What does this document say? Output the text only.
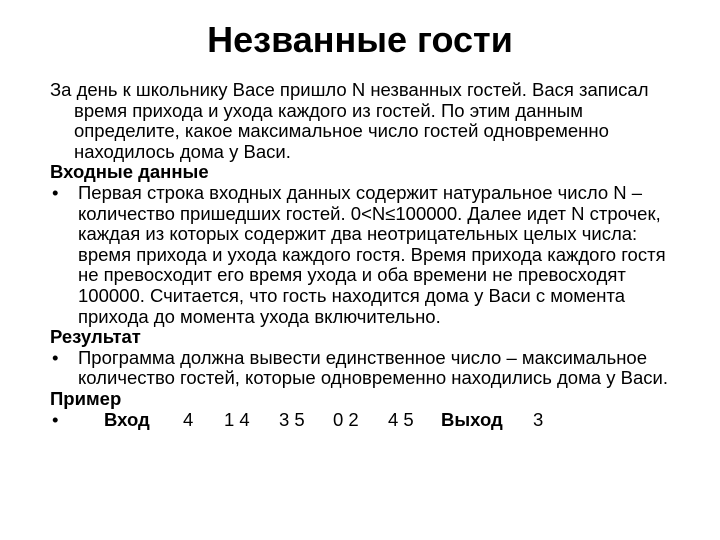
Незванные гости

За день к школьнику Васе пришло N незванных гостей. Вася записал время прихода и ухода каждого из гостей. По этим данным определите, какое максимальное число гостей одновременно находилось дома у Васи.

Входные данные

• Первая строка входных данных содержит натуральное число N – количество пришедших гостей. 0<N≤100000. Далее идет N строчек, каждая из которых содержит два неотрицательных целых числа: время прихода и ухода каждого гостя. Время прихода каждого гостя не превосходит его время ухода и оба времени не превосходят 100000. Считается, что гость находится дома у Васи с момента прихода до момента ухода включительно.

Результат

• Программа должна вывести единственное число – максимальное количество гостей, которые одновременно находились дома у Васи.

Пример

• Вход 4 1 4 3 5 0 2 4 5 Выход 3
